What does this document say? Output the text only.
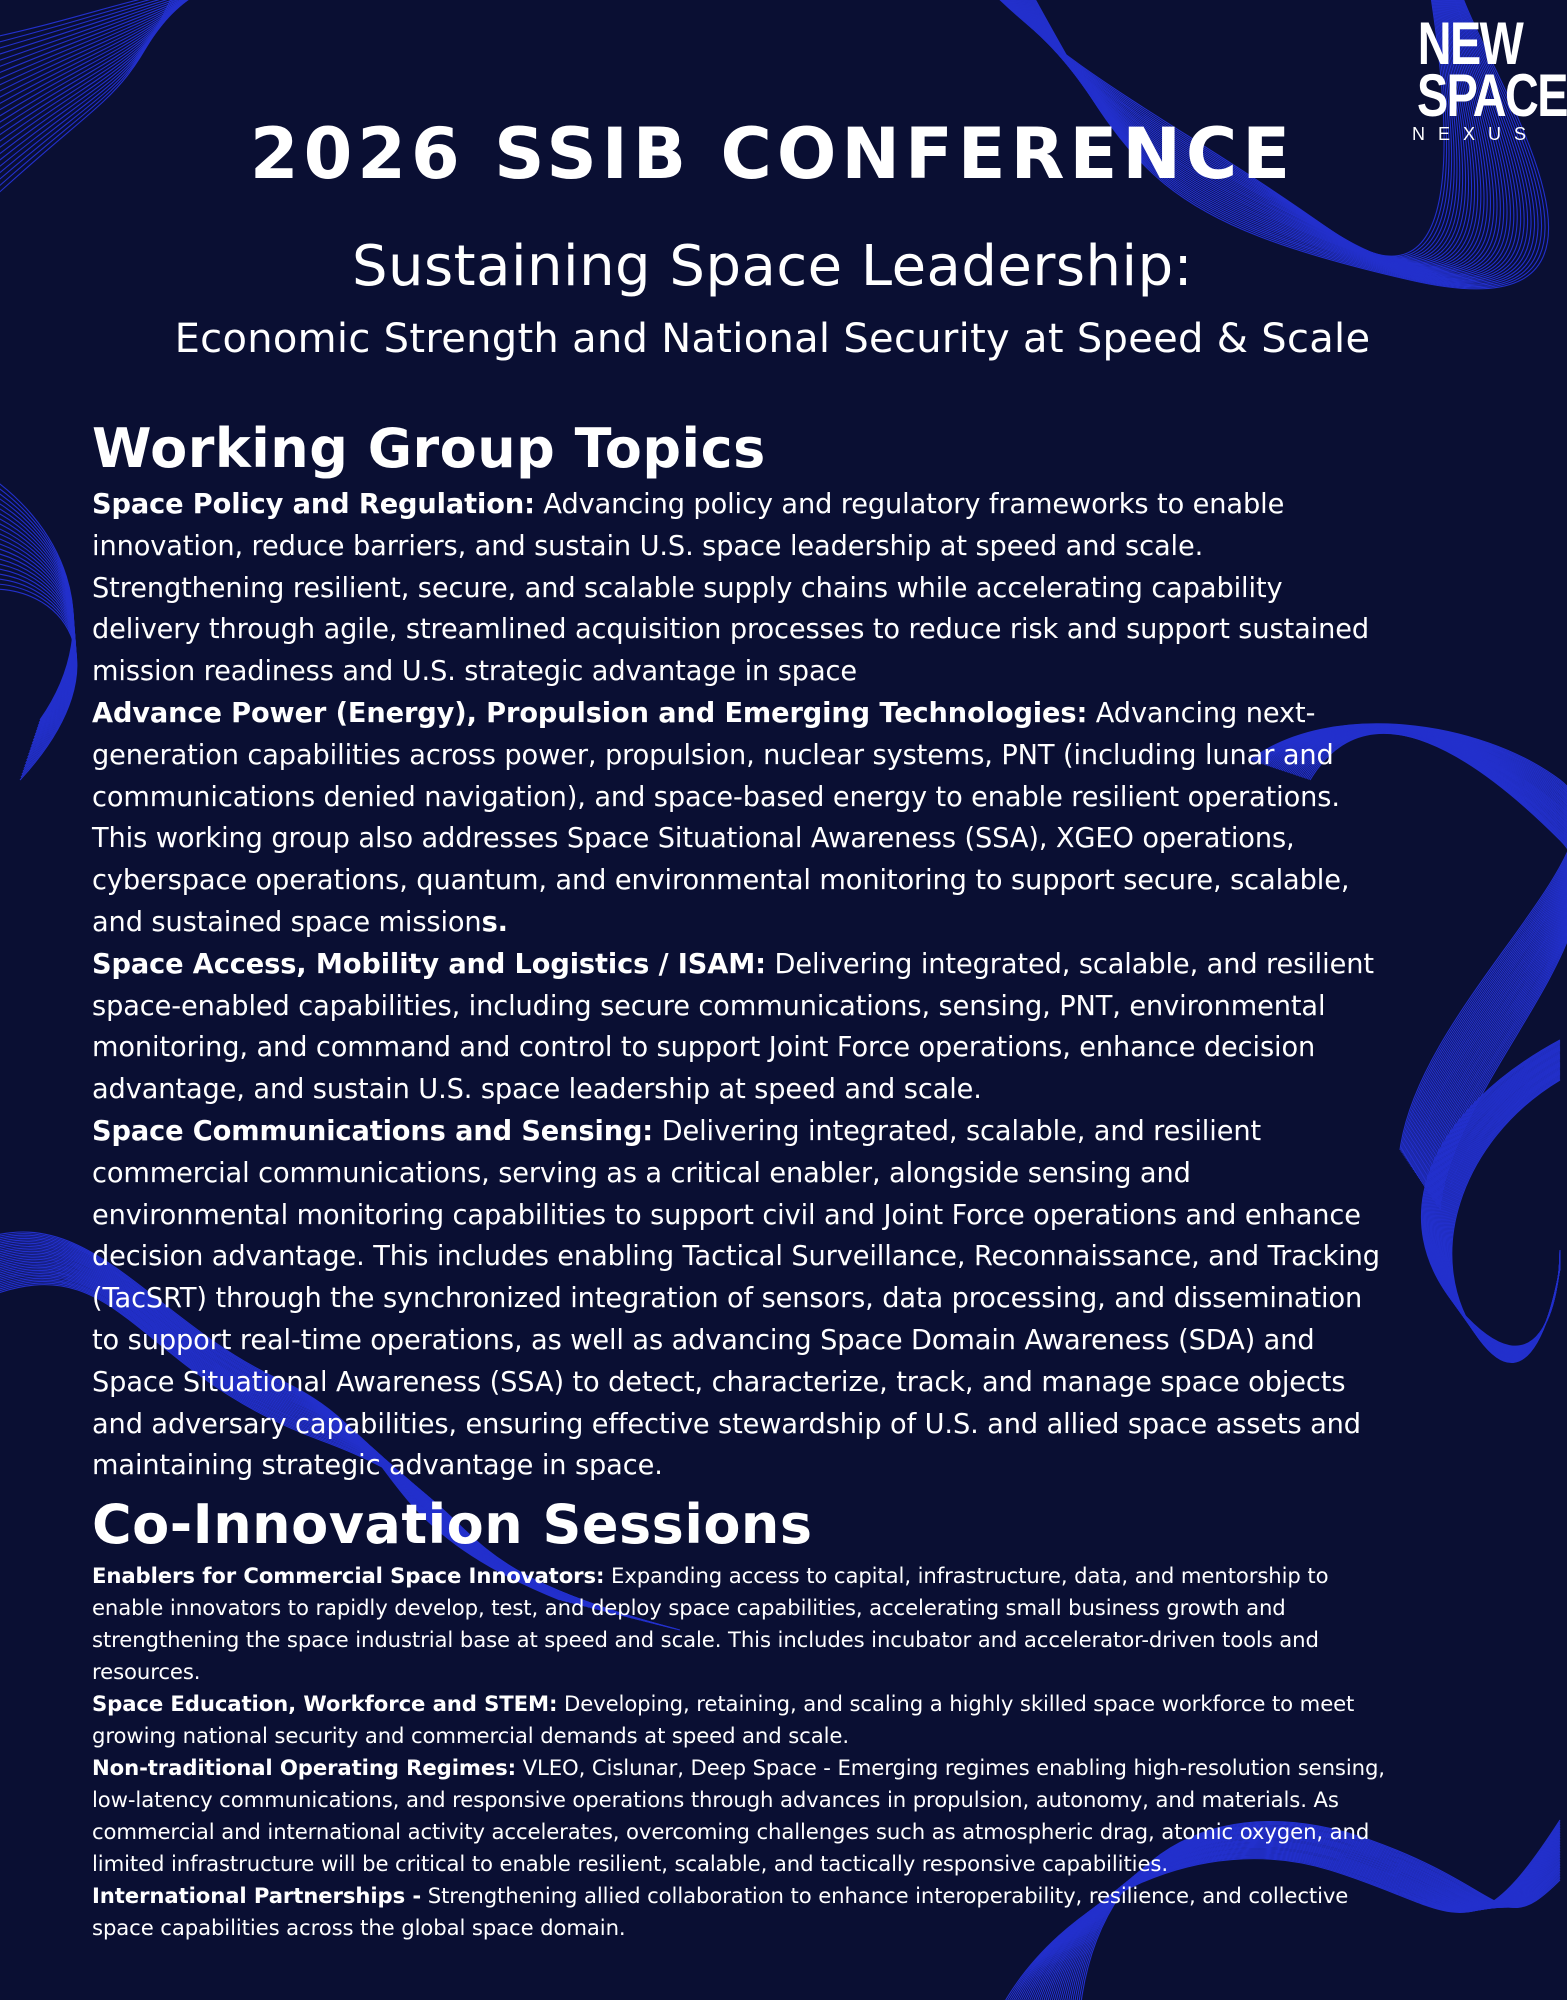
NEW
SPACE
NEXUS
2026 SSIB CONFERENCE
Sustaining Space Leadership:
Economic Strength and National Security at Speed & Scale
Working Group Topics

Space Policy and Regulation: Advancing policy and regulatory frameworks to enable innovation, reduce barriers, and sustain U.S. space leadership at speed and scale. Strengthening resilient, secure, and scalable supply chains while accelerating capability delivery through agile, streamlined acquisition processes to reduce risk and support sustained mission readiness and U.S. strategic advantage in space

Advance Power (Energy), Propulsion and Emerging Technologies: Advancing next-generation capabilities across power, propulsion, nuclear systems, PNT (including lunar and communications denied navigation), and space-based energy to enable resilient operations. This working group also addresses Space Situational Awareness (SSA), XGEO operations, cyberspace operations, quantum, and environmental monitoring to support secure, scalable, and sustained space missions.

Space Access, Mobility and Logistics / ISAM: Delivering integrated, scalable, and resilient space-enabled capabilities, including secure communications, sensing, PNT, environmental monitoring, and command and control to support Joint Force operations, enhance decision advantage, and sustain U.S. space leadership at speed and scale.

Space Communications and Sensing: Delivering integrated, scalable, and resilient commercial communications, serving as a critical enabler, alongside sensing and environmental monitoring capabilities to support civil and Joint Force operations and enhance decision advantage. This includes enabling Tactical Surveillance, Reconnaissance, and Tracking (TacSRT) through the synchronized integration of sensors, data processing, and dissemination to support real-time operations, as well as advancing Space Domain Awareness (SDA) and Space Situational Awareness (SSA) to detect, characterize, track, and manage space objects and adversary capabilities, ensuring effective stewardship of U.S. and allied space assets and maintaining strategic advantage in space.

Co-Innovation Sessions

Enablers for Commercial Space Innovators: Expanding access to capital, infrastructure, data, and mentorship to enable innovators to rapidly develop, test, and deploy space capabilities, accelerating small business growth and strengthening the space industrial base at speed and scale. This includes incubator and accelerator-driven tools and resources.

Space Education, Workforce and STEM: Developing, retaining, and scaling a highly skilled space workforce to meet growing national security and commercial demands at speed and scale.

Non-traditional Operating Regimes: VLEO, Cislunar, Deep Space - Emerging regimes enabling high-resolution sensing, low-latency communications, and responsive operations through advances in propulsion, autonomy, and materials. As commercial and international activity accelerates, overcoming challenges such as atmospheric drag, atomic oxygen, and limited infrastructure will be critical to enable resilient, scalable, and tactically responsive capabilities.

International Partnerships - Strengthening allied collaboration to enhance interoperability, resilience, and collective space capabilities across the global space domain.
